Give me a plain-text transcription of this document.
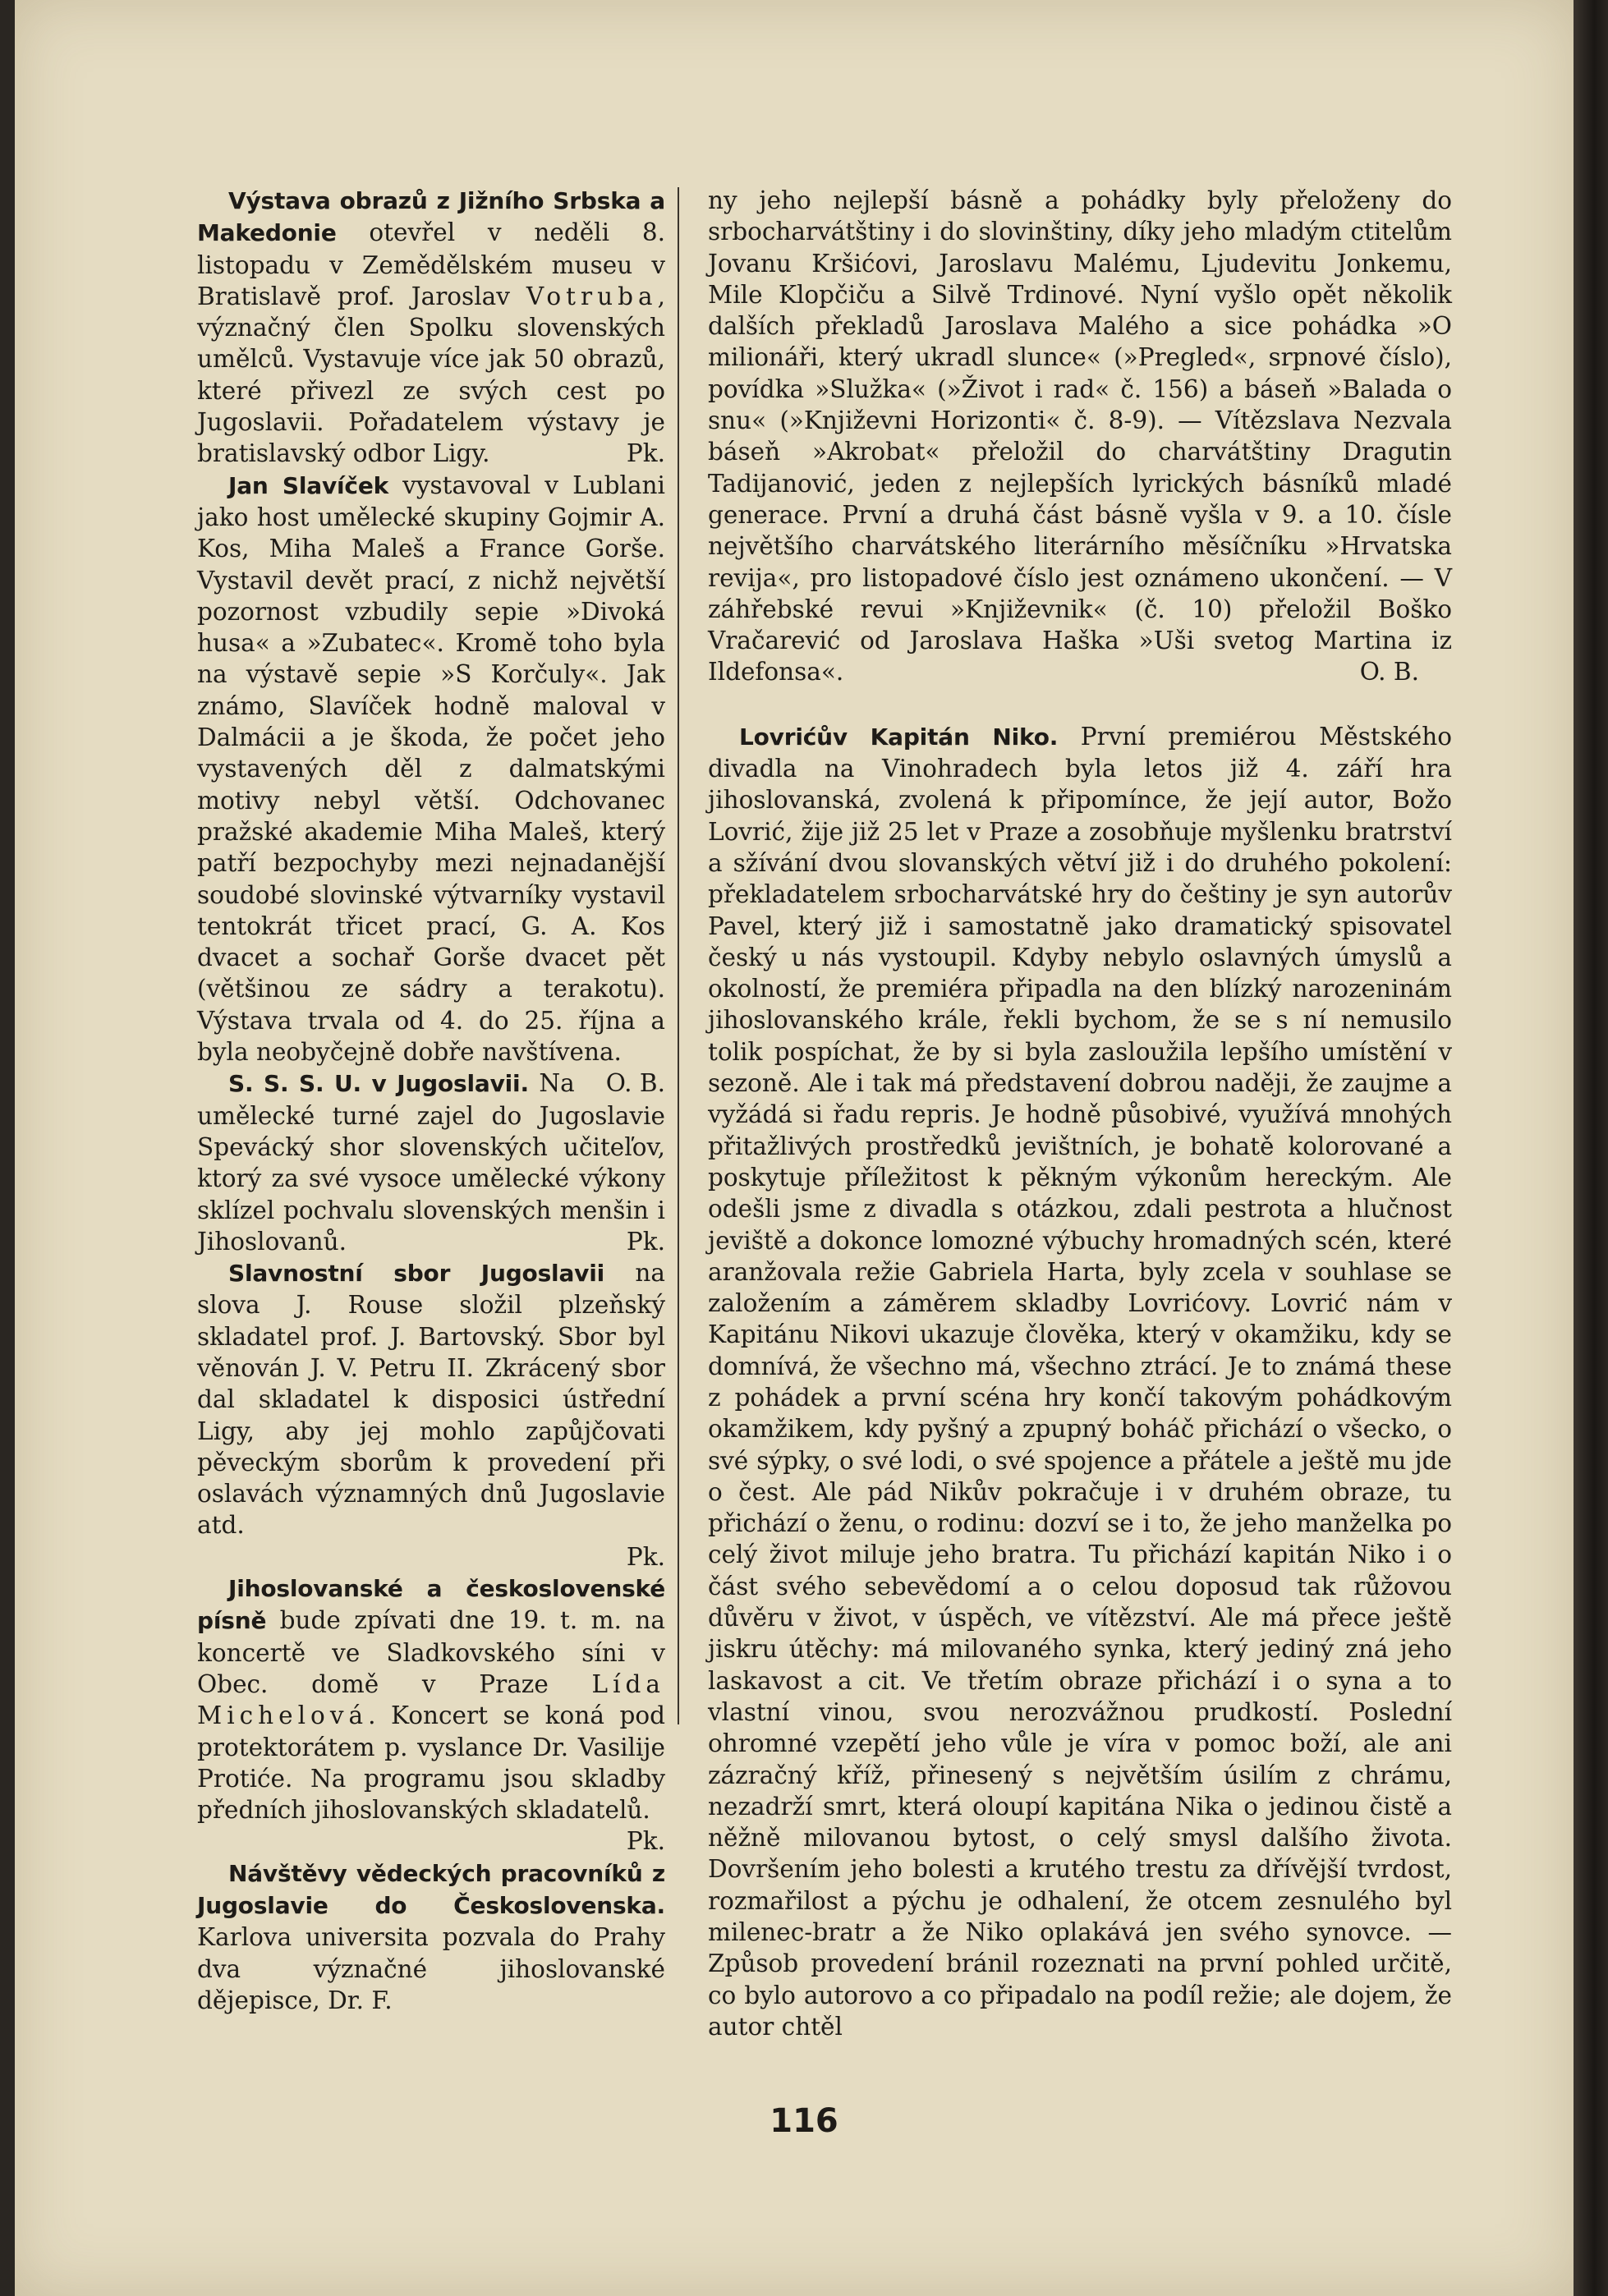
Výstava obrazů z Jižního Srbska a Makedonie otevřel v neděli 8. listopadu v Zemědělském museu v Bratislavě prof. Jaroslav Votruba, význačný člen Spolku slovenských umělců. Vystavuje více jak 50 obrazů, které přivezl ze svých cest po Jugoslavii. Pořadatelem výstavy je bratislavský odbor Ligy.	Pk.

Jan Slavíček vystavoval v Lublani jako host umělecké skupiny Gojmir A. Kos, Miha Maleš a France Gorše. Vystavil devět prací, z nichž největší pozornost vzbudily sepie »Divoká husa« a »Zubatec«. Kromě toho byla na výstavě sepie »S Korčuly«. Jak známo, Slavíček hodně maloval v Dalmácii a je škoda, že počet jeho vystavených děl z dalmatskými motivy nebyl větší. Odchovanec pražské akademie Miha Maleš, který patří bezpochyby mezi nejnadanější soudobé slovinské výtvarníky vystavil tentokrát třicet prací, G. A. Kos dvacet a sochař Gorše dvacet pět (většinou ze sádry a terakotu). Výstava trvala od 4. do 25. října a byla neobyčejně dobře navštívena.
O. B.

S. S. S. U. v Jugoslavii. Na umělecké turné zajel do Jugoslavie Spevácký shor slovenských učiteľov, ktorý za své vysoce umělecké výkony sklízel pochvalu slovenských menšin i Jihoslovanů.	Pk.

Slavnostní sbor Jugoslavii na slova J. Rouse složil plzeňský skladatel prof. J. Bartovský. Sbor byl věnován J. V. Petru II. Zkrácený sbor dal skladatel k disposici ústřední Ligy, aby jej mohlo zapůjčovati pěveckým sborům k provedení při oslavách významných dnů Jugoslavie atd.
Pk.

Jihoslovanské a československé písně bude zpívati dne 19. t. m. na koncertě ve Sladkovského síni v Obec. domě v Praze Lída Michelová. Koncert se koná pod protektorátem p. vyslance Dr. Vasilije Protiće. Na programu jsou skladby předních jihoslovanských skladatelů.
Pk.

Návštěvy vědeckých pracovníků z Jugoslavie do Československa. Karlova universita pozvala do Prahy dva význačné jihoslovanské dějepisce, Dr. F.

ny jeho nejlepší básně a pohádky byly přeloženy do srbocharvátštiny i do slovinštiny, díky jeho mladým ctitelům Jovanu Kršićovi, Jaroslavu Malému, Ljudevitu Jonkemu, Mile Klopčiču a Silvě Trdinové. Nyní vyšlo opět několik dalších překladů Jaroslava Malého a sice pohádka »O milionáři, který ukradl slunce« (»Pregled«, srpnové číslo), povídka »Služka« (»Život i rad« č. 156) a báseň »Balada o snu« (»Književni Horizonti« č. 8-9). — Vítězslava Nezvala báseň »Akrobat« přeložil do charvátštiny Dragutin Tadijanović, jeden z nejlepších lyrických básníků mladé generace. První a druhá část básně vyšla v 9. a 10. čísle největšího charvátského literárního měsíčníku »Hrvatska revija«, pro listopadové číslo jest oznámeno ukončení. — V záhřebské revui »Književnik« (č. 10) přeložil Boško Vračarević od Jaroslava Haška »Uši svetog Martina iz Ildefonsa«.	O. B.

Lovrićův Kapitán Niko. První premiérou Městského divadla na Vinohradech byla letos již 4. září hra jihoslovanská, zvolená k připomínce, že její autor, Božo Lovrić, žije již 25 let v Praze a zosobňuje myšlenku bratrství a sžívání dvou slovanských větví již i do druhého pokolení: překladatelem srbocharvátské hry do češtiny je syn autorův Pavel, který již i samostatně jako dramatický spisovatel český u nás vystoupil. Kdyby nebylo oslavných úmyslů a okolností, že premiéra připadla na den blízký narozeninám jihoslovanského krále, řekli bychom, že se s ní nemusilo tolik pospíchat, že by si byla zasloužila lepšího umístění v sezoně. Ale i tak má představení dobrou naději, že zaujme a vyžádá si řadu repris. Je hodně působivé, využívá mnohých přitažlivých prostředků jevištních, je bohatě kolorované a poskytuje příležitost k pěkným výkonům hereckým. Ale odešli jsme z divadla s otázkou, zdali pestrota a hlučnost jeviště a dokonce lomozné výbuchy hromadných scén, které aranžovala režie Gabriela Harta, byly zcela v souhlase se založením a záměrem skladby Lovrićovy. Lovrić nám v Kapitánu Nikovi ukazuje člověka, který v okamžiku, kdy se domnívá, že všechno má, všechno ztrácí. Je to známá these z pohádek a první scéna hry končí takovým pohádkovým okamžikem, kdy pyšný a zpupný boháč přichází o všecko, o své sýpky, o své lodi, o své spojence a přátele a ještě mu jde o čest. Ale pád Nikův pokračuje i v druhém obraze, tu přichází o ženu, o rodinu: dozví se i to, že jeho manželka po celý život miluje jeho bratra. Tu přichází kapitán Niko i o část svého sebevědomí a o celou doposud tak růžovou důvěru v život, v úspěch, ve vítězství. Ale má přece ještě jiskru útěchy: má milovaného synka, který jediný zná jeho laskavost a cit. Ve třetím obraze přichází i o syna a to vlastní vinou, svou nerozvážnou prudkostí. Poslední ohromné vzepětí jeho vůle je víra v pomoc boží, ale ani zázračný kříž, přinesený s největším úsilím z chrámu, nezadrží smrt, která oloupí kapitána Nika o jedinou čistě a něžně milovanou bytost, o celý smysl dalšího života. Dovršením jeho bolesti a krutého trestu za dřívější tvrdost, rozmařilost a pýchu je odhalení, že otcem zesnulého byl milenec-bratr a že Niko oplakává jen svého synovce. — Způsob provedení bránil rozeznati na první pohled určitě, co bylo autorovo a co připadalo na podíl režie; ale dojem, že autor chtěl

116
